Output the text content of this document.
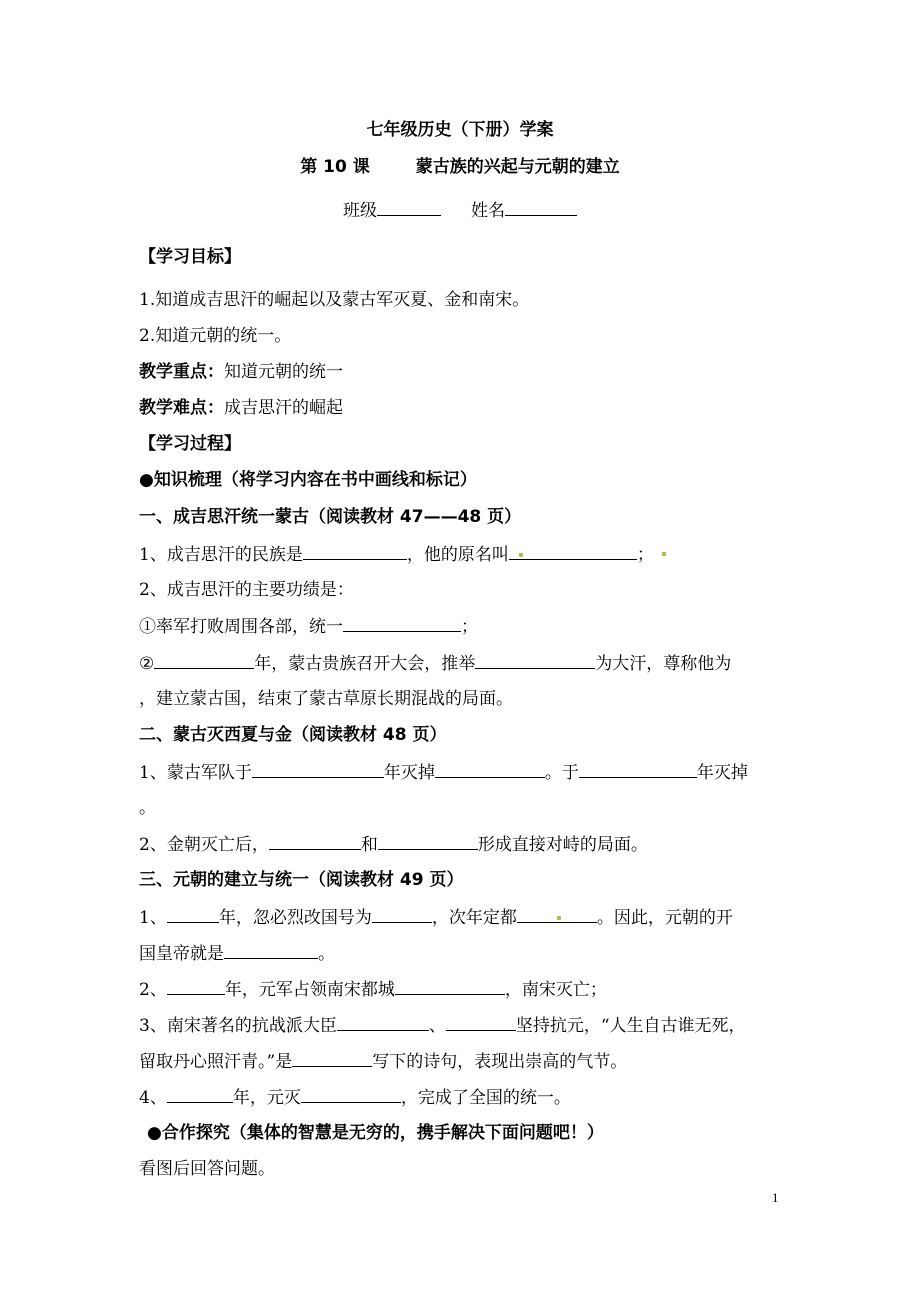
七年级历史（下册）学案
第 10 课	蒙古族的兴起与元朝的建立
班级	姓名
【学习目标】
1.知道成吉思汗的崛起以及蒙古军灭夏、金和南宋。
2.知道元朝的统一。
教学重点：知道元朝的统一
教学难点：成吉思汗的崛起
【学习过程】
●知识梳理（将学习内容在书中画线和标记）
一、成吉思汗统一蒙古（阅读教材 47——48 页）
1、成吉思汗的民族是	，他的原名叫	；
2、成吉思汗的主要功绩是：
①率军打败周围各部，统一	；
②	年，蒙古贵族召开大会，推举	为大汗，尊称他为
，建立蒙古国，结束了蒙古草原长期混战的局面。
二、蒙古灭西夏与金（阅读教材 48 页）
1、蒙古军队于	年灭掉	。于	年灭掉
。
2、金朝灭亡后，	和	形成直接对峙的局面。
三、元朝的建立与统一（阅读教材 49 页）
1、	年，忽必烈改国号为	，次年定都	。因此，元朝的开
国皇帝就是	。
2、	年，元军占领南宋都城	，南宋灭亡；
3、南宋著名的抗战派大臣	、	坚持抗元，“人生自古谁无死，
留取丹心照汗青。”是	写下的诗句，表现出崇高的气节。
4、	年，元灭	，完成了全国的统一。
●合作探究（集体的智慧是无穷的，携手解决下面问题吧！）
看图后回答问题。
1
